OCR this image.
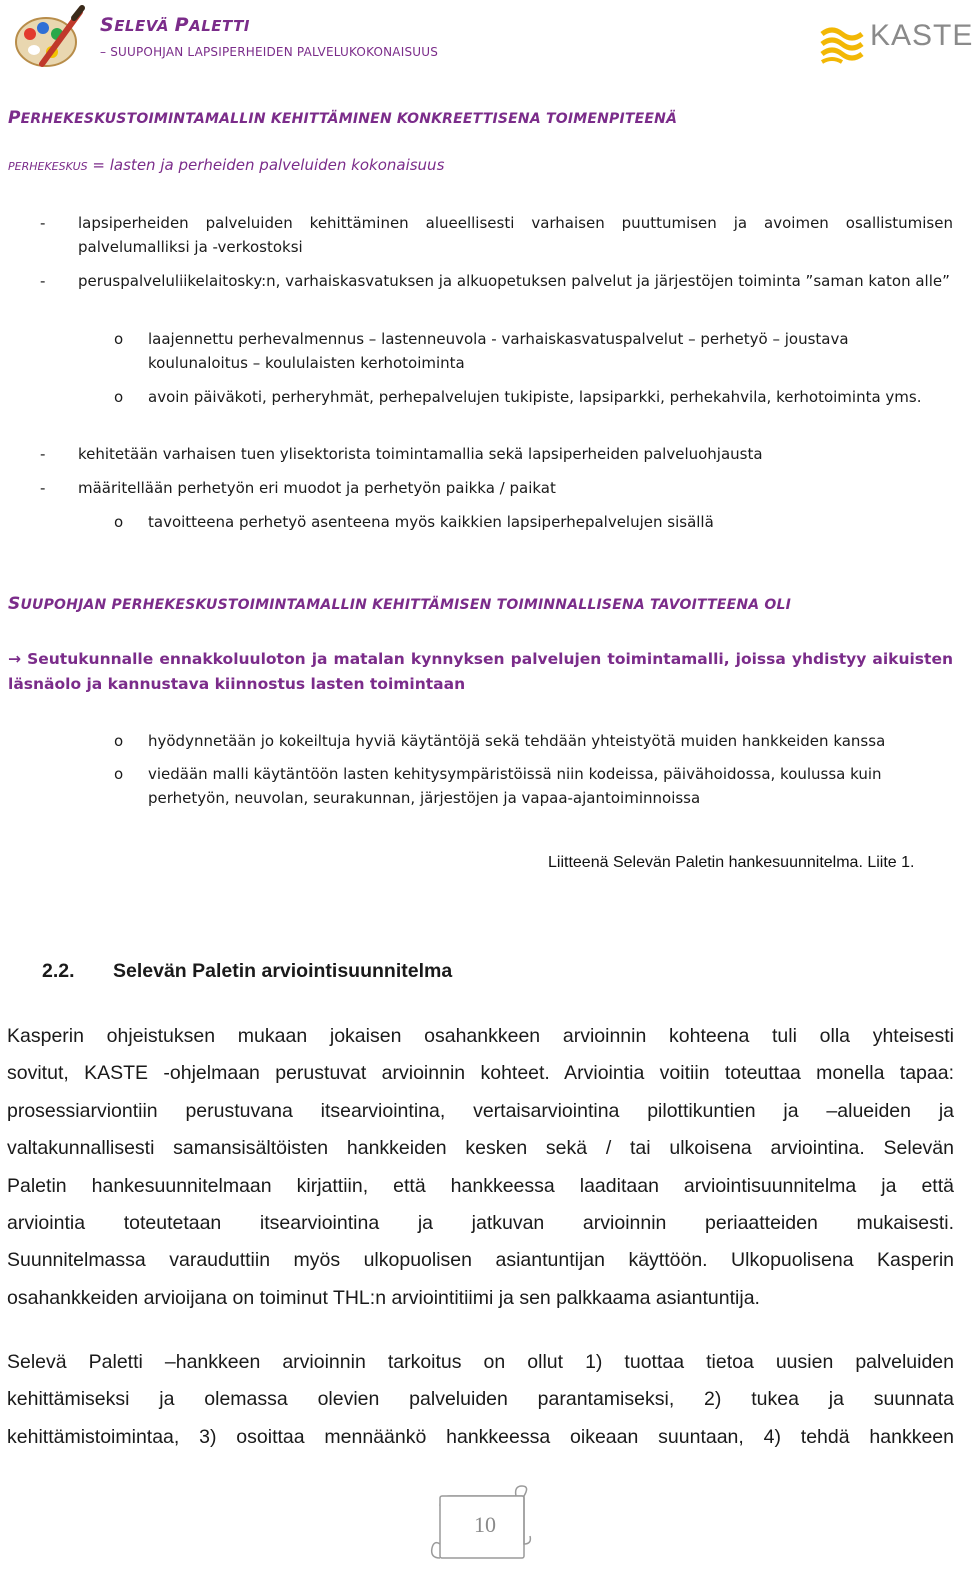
SELEVÄ PALETTI
– SUUPOHJAN LAPSIPERHEIDEN PALVELUKOKONAISUUS	KASTE
PERHEKESKUSTOIMINTAMALLIN KEHITTÄMINEN KONKREETTISENA TOIMENPITEENÄ
PERHEKESKUS = lasten ja perheiden palveluiden kokonaisuus
- lapsiperheiden palveluiden kehittäminen alueellisesti varhaisen puuttumisen ja avoimen osallistumisen palvelumalliksi ja -verkostoksi
- peruspalveluliikelaitosky:n, varhaiskasvatuksen ja alkuopetuksen palvelut ja järjestöjen toiminta ”saman katon alle”
o laajennettu perhevalmennus – lastenneuvola - varhaiskasvatuspalvelut – perhetyö – joustava koulunaloitus – koululaisten kerhotoiminta
o avoin päiväkoti, perheryhmät, perhepalvelujen tukipiste, lapsiparkki, perhekahvila, kerhotoiminta yms.
- kehitetään varhaisen tuen ylisektorista toimintamallia sekä lapsiperheiden palveluohjausta
- määritellään perhetyön eri muodot ja perhetyön paikka / paikat
o tavoitteena perhetyö asenteena myös kaikkien lapsiperhepalvelujen sisällä
SUUPOHJAN PERHEKESKUSTOIMINTAMALLIN KEHITTÄMISEN TOIMINNALLISENA TAVOITTEENA OLI
→ Seutukunnalle ennakkoluuloton ja matalan kynnyksen palvelujen toimintamalli, joissa yhdistyy aikuisten läsnäolo ja kannustava kiinnostus lasten toimintaan
o hyödynnetään jo kokeiltuja hyviä käytäntöjä sekä tehdään yhteistyötä muiden hankkeiden kanssa
o viedään malli käytäntöön lasten kehitysympäristöissä niin kodeissa, päivähoidossa, koulussa kuin perhetyön, neuvolan, seurakunnan, järjestöjen ja vapaa-ajantoiminnoissa
Liitteenä Selevän Paletin hankesuunnitelma. Liite 1.
2.2. Selevän Paletin arviointisuunnitelma
Kasperin ohjeistuksen mukaan jokaisen osahankkeen arvioinnin kohteena tuli olla yhteisesti
sovitut, KASTE -ohjelmaan perustuvat arvioinnin kohteet. Arviointia voitiin toteuttaa monella tapaa:
prosessiarviontiin perustuvana itsearviointina, vertaisarviointina pilottikuntien ja –alueiden ja
valtakunnallisesti samansisältöisten hankkeiden kesken sekä / tai ulkoisena arviointina. Selevän
Paletin hankesuunnitelmaan kirjattiin, että hankkeessa laaditaan arviointisuunnitelma ja että
arviointia toteutetaan itsearviointina ja jatkuvan arvioinnin periaatteiden mukaisesti.
Suunnitelmassa varauduttiin myös ulkopuolisen asiantuntijan käyttöön. Ulkopuolisena Kasperin
osahankkeiden arvioijana on toiminut THL:n arviointitiimi ja sen palkkaama asiantuntija.
Selevä Paletti –hankkeen arvioinnin tarkoitus on ollut 1) tuottaa tietoa uusien palveluiden
kehittämiseksi ja olemassa olevien palveluiden parantamiseksi, 2) tukea ja suunnata
kehittämistoimintaa, 3) osoittaa mennäänkö hankkeessa oikeaan suuntaan, 4) tehdä hankkeen
10
